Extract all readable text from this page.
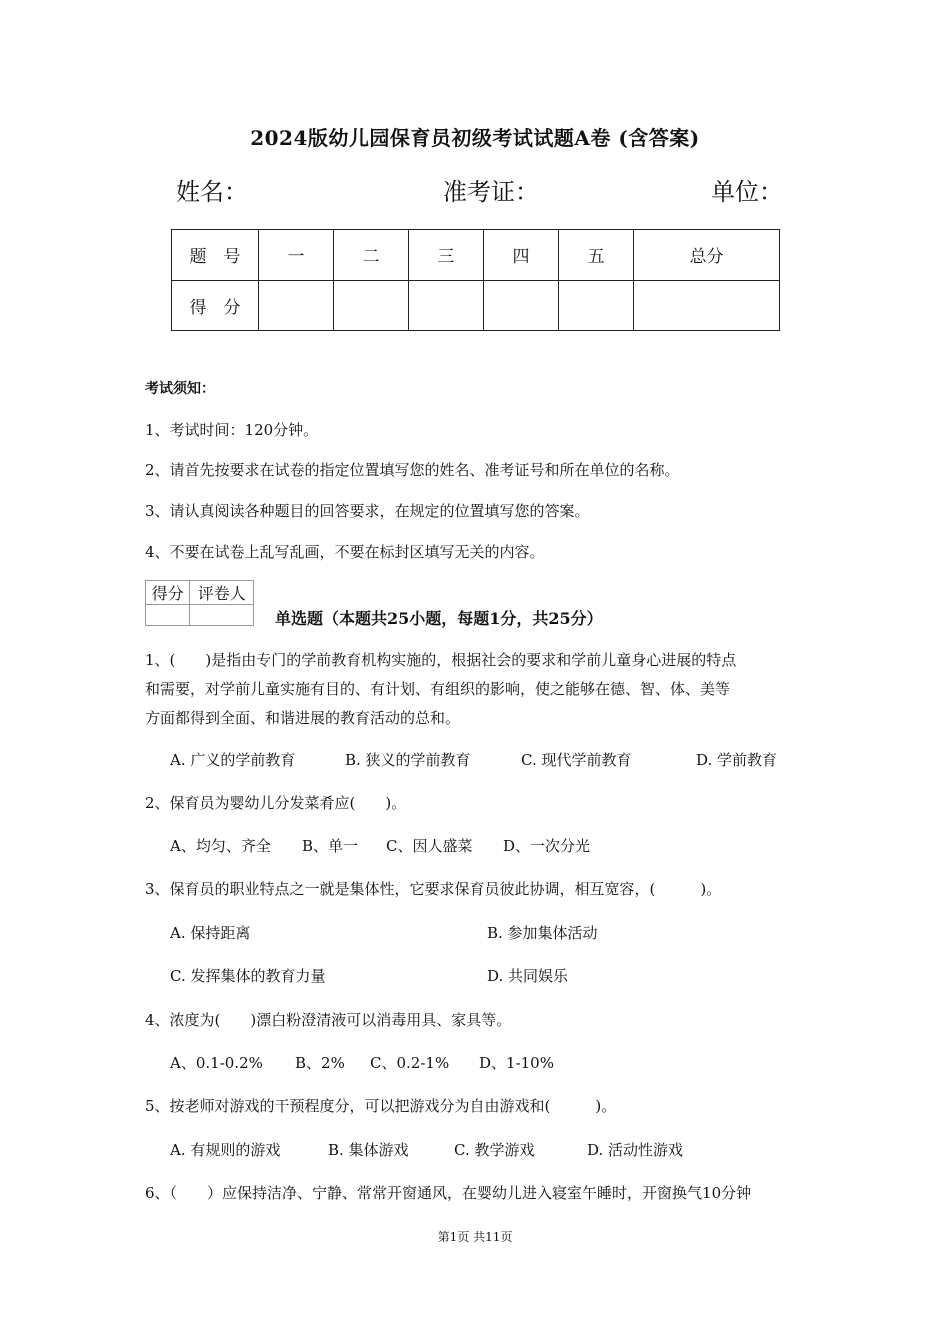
2024版幼儿园保育员初级考试试题A卷 (含答案)
姓名：	准考证：	单位：
题　号	一	二	三	四	五	总分
得　分						
考试须知：
1、考试时间：120分钟。
2、请首先按要求在试卷的指定位置填写您的姓名、准考证号和所在单位的名称。
3、请认真阅读各种题目的回答要求，在规定的位置填写您的答案。
4、不要在试卷上乱写乱画，不要在标封区填写无关的内容。
得分	评卷人

单选题（本题共25小题，每题1分，共25分）
1、(　　)是指由专门的学前教育机构实施的，根据社会的要求和学前儿童身心进展的特点
和需要，对学前儿童实施有目的、有计划、有组织的影响，使之能够在德、智、体、美等
方面都得到全面、和谐进展的教育活动的总和。
A. 广义的学前教育	B. 狭义的学前教育	C. 现代学前教育	D. 学前教育
2、保育员为婴幼儿分发菜肴应(　　)。
A、均匀、齐全 B、单一 C、因人盛菜 D、一次分光
3、保育员的职业特点之一就是集体性，它要求保育员彼此协调，相互宽容，(　　　)。
A. 保持距离	B. 参加集体活动
C. 发挥集体的教育力量	D. 共同娱乐
4、浓度为(　　)漂白粉澄清液可以消毒用具、家具等。
A、0.1-0.2% B、2% C、0.2-1% D、1-10%
5、按老师对游戏的干预程度分，可以把游戏分为自由游戏和(　　　)。
A. 有规则的游戏	B. 集体游戏	C. 教学游戏	D. 活动性游戏
6、（　　）应保持洁净、宁静、常常开窗通风，在婴幼儿进入寝室午睡时，开窗换气10分钟
第1页 共11页
